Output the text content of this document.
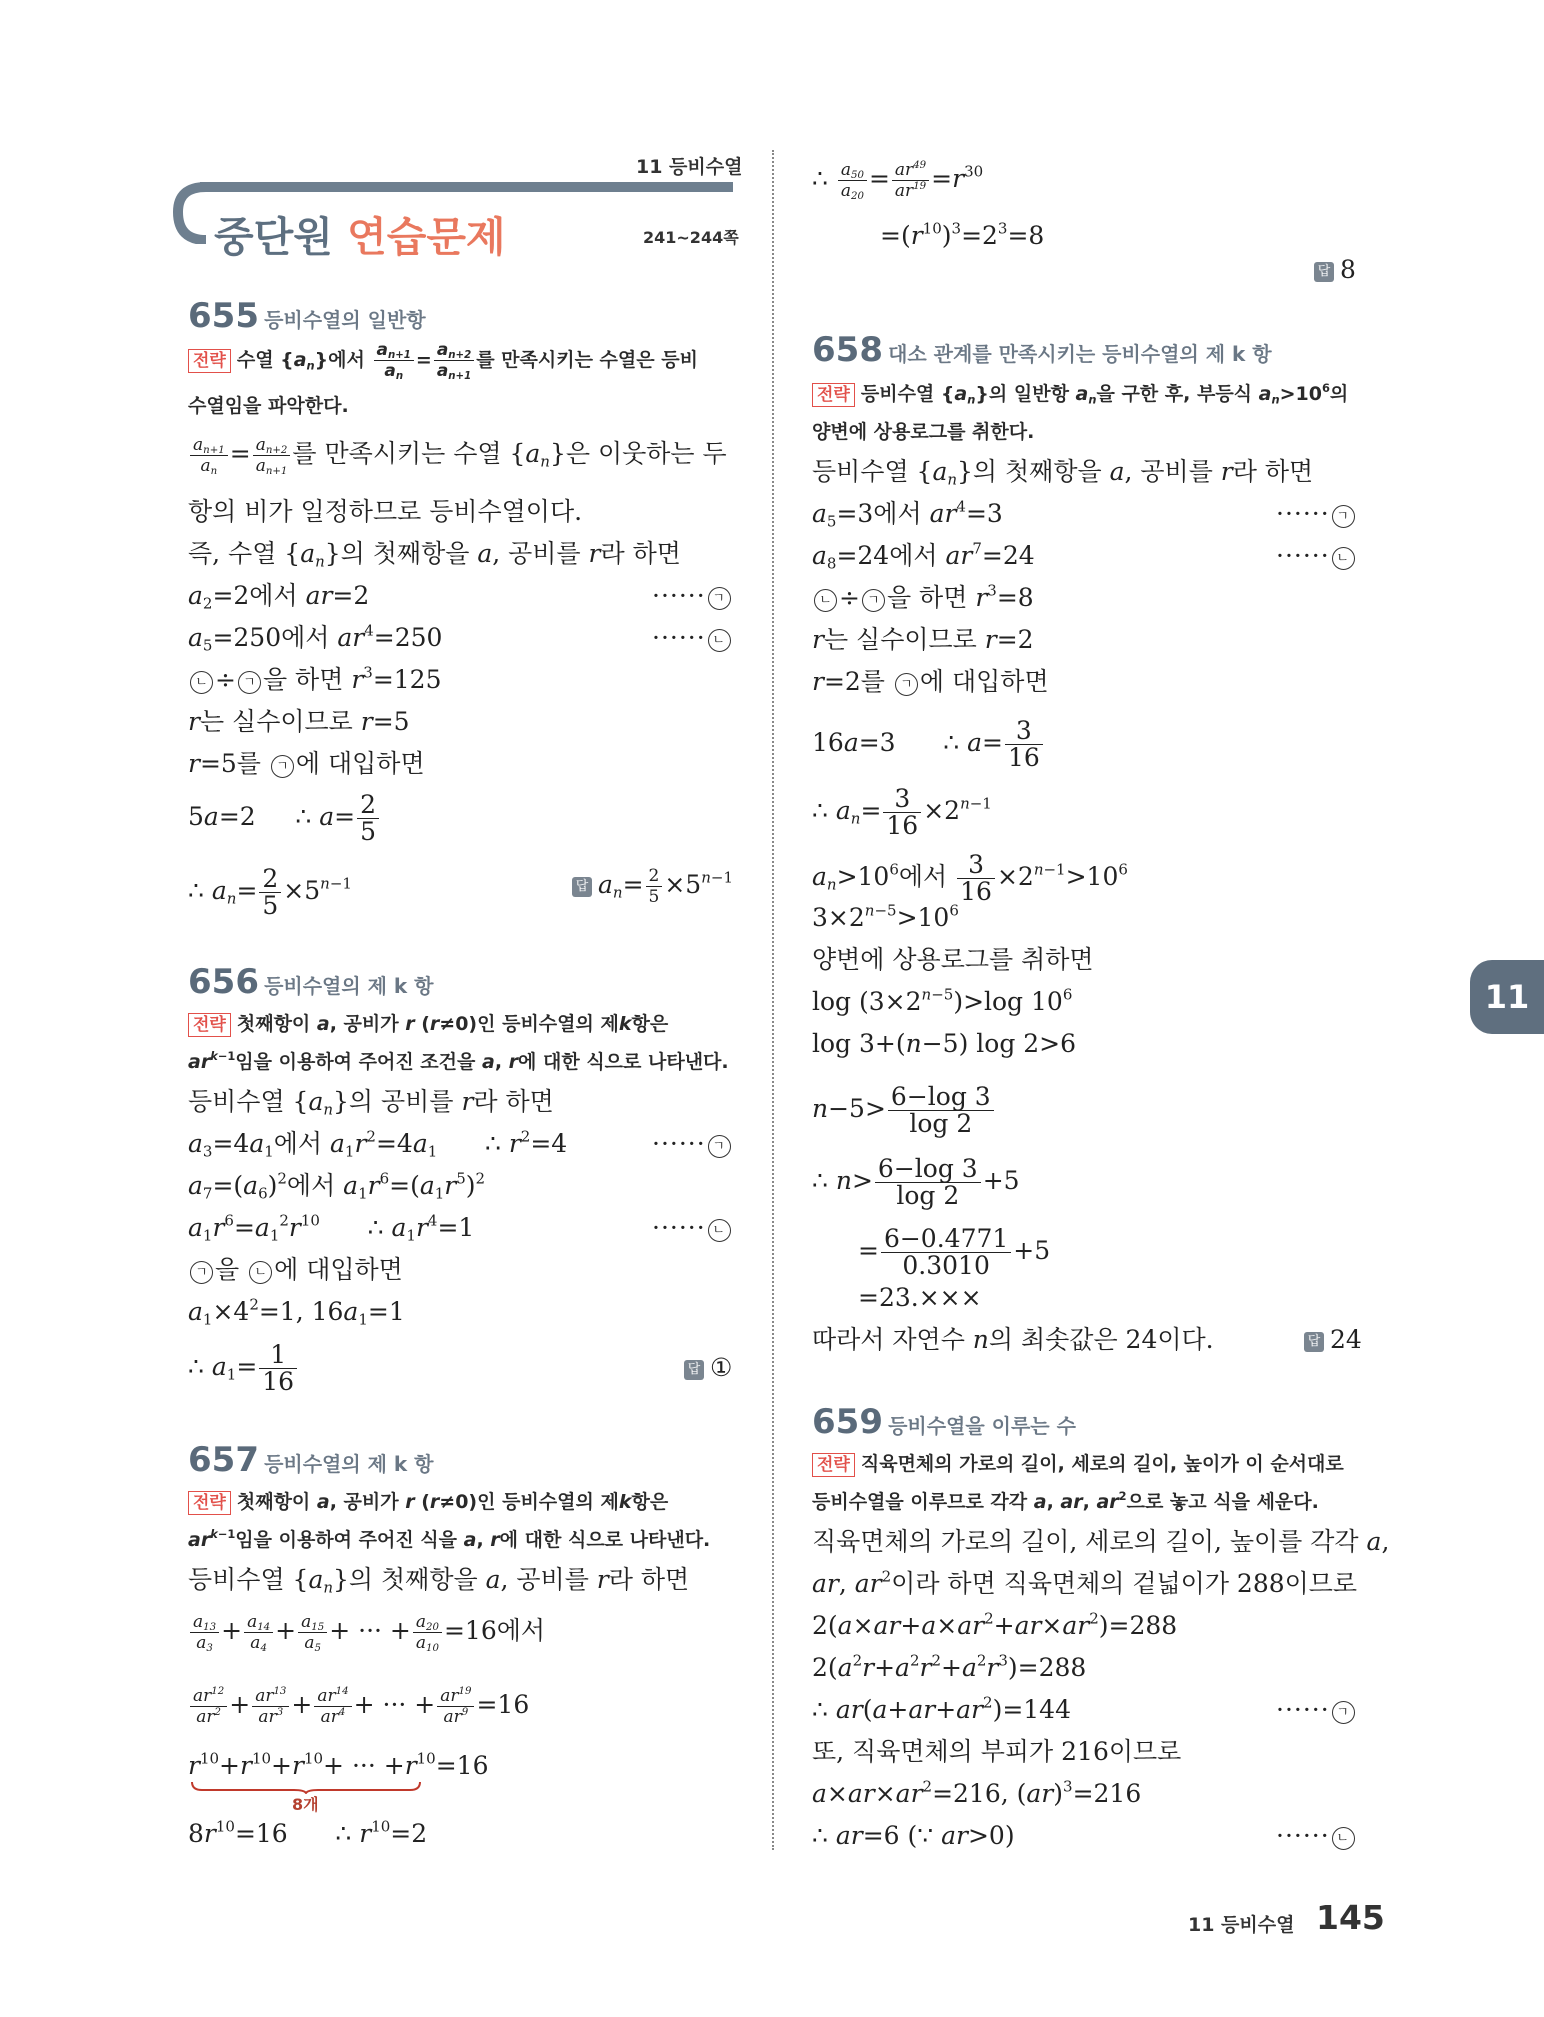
11 등비수열
중단원 연습문제	241~244쪽
655 등비수열의 일반항
전략 수열 $\{a_n\}$에서 $\frac{a_{n+1}}{a_n} = \frac{a_{n+2}}{a_{n+1}}$ 를 만족시키는 수열은 등비
수열임을 파악한다.
$\frac{a_{n+1}}{a_n} = \frac{a_{n+2}}{a_{n+1}}$ 를 만족시키는 수열 $\{a_n\}$은 이웃하는 두
항의 비가 일정하므로 등비수열이다.
즉, 수열 $\{a_n\}$의 첫째항을 a, 공비를 r라 하면
$a_2=2$에서 ar=2	······ ㄱ
$a_5=250$에서 $ar^4=250$	······ ㄴ
ㄴ ÷ ㄱ 을 하면 $r^3=125$
r는 실수이므로 r=5
r=5를 ㄱ 에 대입하면
5a=2     ∴ $a= \frac{2}{5}$
∴ $a_n= \frac{2}{5} \times 5^{n-1}$	답 $a_n= \frac{2}{5} \times 5^{n-1}$
656 등비수열의 제 k 항
전략 첫째항이 a, 공비가 r (r≠0)인 등비수열의 제k항은
$ar^{k-1}$임을 이용하여 주어진 조건을 a, r에 대한 식으로 나타낸다.
등비수열 $\{a_n\}$의 공비를 r라 하면
$a_3=4a_1$에서 $a_1r^2=4a_1$      ∴ $r^2=4$	······ ㄱ
$a_7=(a_6)^2$에서 $a_1r^6=(a_1r^5)^2$
$a_1r^6=a_1^2r^{10}$      ∴ $a_1r^4=1$	······ ㄴ
ㄱ 을 ㄴ 에 대입하면
$a_1\times 4^2=1$, $16a_1=1$
∴ $a_1= \frac{1}{16}$	답 ①
657 등비수열의 제 k 항
전략 첫째항이 a, 공비가 r (r≠0)인 등비수열의 제k항은
$ar^{k-1}$임을 이용하여 주어진 식을 a, r에 대한 식으로 나타낸다.
등비수열 $\{a_n\}$의 첫째항을 a, 공비를 r라 하면
$\frac{a_{13}}{a_3} + \frac{a_{14}}{a_4} + \frac{a_{15}}{a_5}$ + ··· + $\frac{a_{20}}{a_{10}} =16$에서
$\frac{ar^{12}}{ar^2} + \frac{ar^{13}}{ar^3} + \frac{ar^{14}}{ar^4}$ + ··· + $\frac{ar^{19}}{ar^9} =16$
$r^{10}+r^{10}+r^{10}+$ ··· $+r^{10}=16$
8개
$8r^{10}=16$      ∴ $r^{10}=2$
∴ $\frac{a_{50}}{a_{20}} = \frac{ar^{49}}{ar^{19}} =r^{30}$
$=(r^{10})^3=2^3=8$
답 8
658 대소 관계를 만족시키는 등비수열의 제 k 항
전략 등비수열 $\{a_n\}$의 일반항 $a_n$을 구한 후, 부등식 $a_n>10^6$의
양변에 상용로그를 취한다.
등비수열 $\{a_n\}$의 첫째항을 a, 공비를 r라 하면
$a_5=3$에서 $ar^4=3$	······ ㄱ
$a_8=24$에서 $ar^7=24$	······ ㄴ
ㄴ ÷ ㄱ 을 하면 $r^3=8$
r는 실수이므로 r=2
r=2를 ㄱ 에 대입하면
16a=3      ∴ $a= \frac{3}{16}$
∴ $a_n= \frac{3}{16} \times 2^{n-1}$
$a_n>10^6$에서 $\frac{3}{16} \times 2^{n-1}>10^6$
$3\times 2^{n-5}>10^6$
양변에 상용로그를 취하면
$\log (3\times 2^{n-5})>\log$ $10^6$
log 3+(n−5) log 2>6
$n-5> \frac{6-\log 3}{\log 2}$
∴ $n> \frac{6-\log 3}{\log 2} +5$
= $\frac{6-0.4771}{0.3010} +5$
=23.×××
따라서 자연수 n의 최솟값은 24이다.	답 24
659 등비수열을 이루는 수
전략 직육면체의 가로의 길이, 세로의 길이, 높이가 이 순서대로
등비수열을 이루므로 각각 a, ar, $ar^2$으로 놓고 식을 세운다.
직육면체의 가로의 길이, 세로의 길이, 높이를 각각 a,
ar, $ar^2$이라 하면 직육면체의 겉넓이가 288이므로
$2(a\times ar+a\times ar^2+ar\times ar^2)=288$
$2(a^2r+a^2r^2+a^2r^3)=288$
∴ $ar(a+ar+ar^2)=144$	······ ㄱ
또, 직육면체의 부피가 216이므로
$a\times ar\times ar^2=216$, (ar)$^3$=216
∴ ar=6 (∵ ar>0)	······ ㄴ
11
11 등비수열 145
